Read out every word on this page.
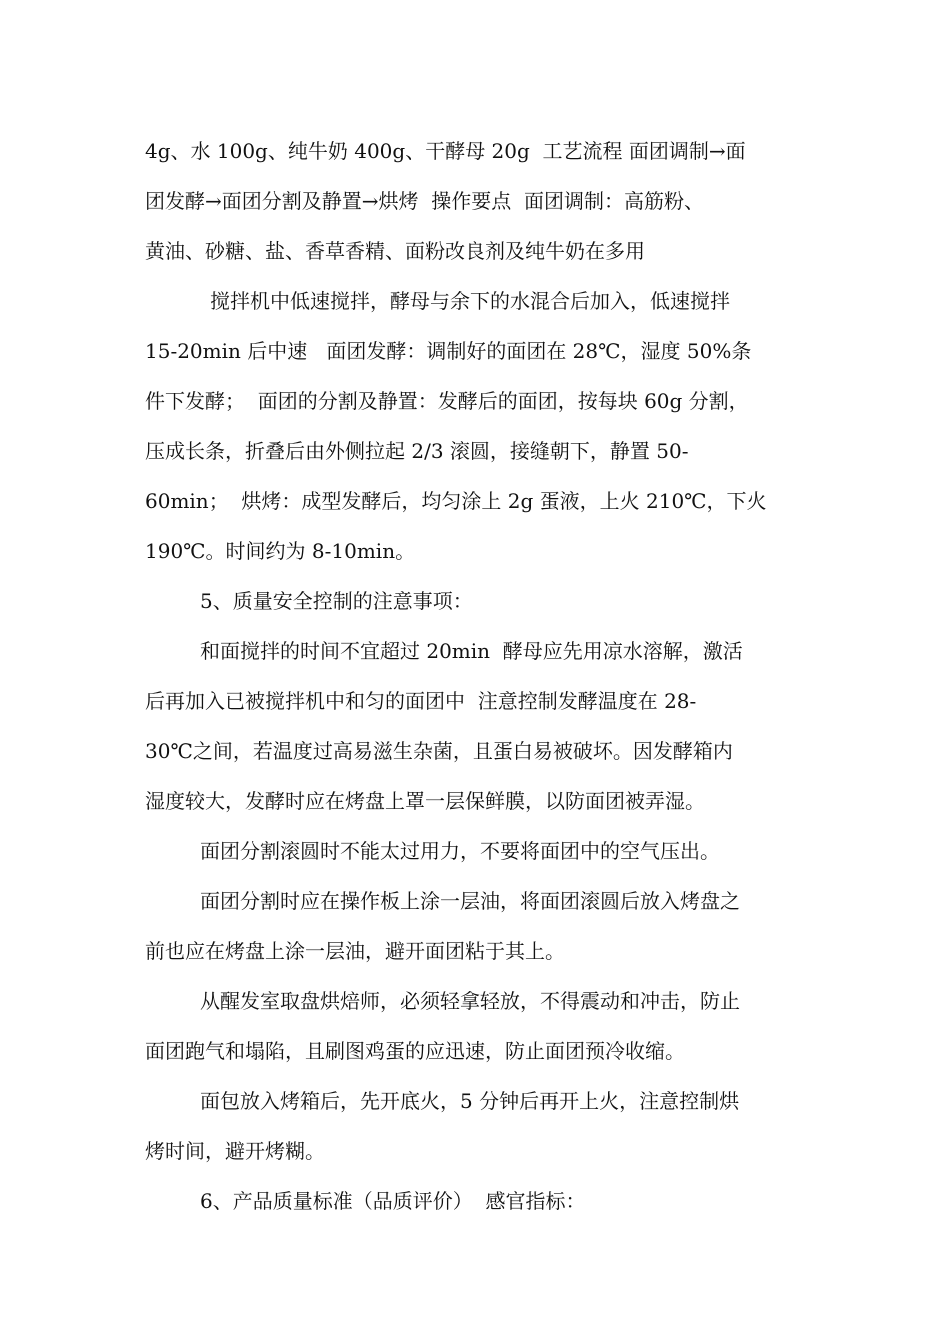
4g、水 100g、纯牛奶 400g、干酵母 20g  工艺流程 面团调制→面

团发酵→面团分割及静置→烘烤  操作要点  面团调制：高筋粉、

黄油、砂糖、盐、香草香精、面粉改良剂及纯牛奶在多用

搅拌机中低速搅拌，酵母与余下的水混合后加入，低速搅拌

15-20min 后中速   面团发酵：调制好的面团在 28℃，湿度 50%条

件下发酵；  面团的分割及静置：发酵后的面团，按每块 60g 分割，

压成长条，折叠后由外侧拉起 2/3 滚圆，接缝朝下，静置 50-

60min；  烘烤：成型发酵后，均匀涂上 2g 蛋液，上火 210℃，下火

190℃。时间约为 8-10min。

5、质量安全控制的注意事项：

和面搅拌的时间不宜超过 20min  酵母应先用凉水溶解，激活

后再加入已被搅拌机中和匀的面团中  注意控制发酵温度在 28-

30℃之间，若温度过高易滋生杂菌，且蛋白易被破坏。因发酵箱内

湿度较大，发酵时应在烤盘上罩一层保鲜膜，以防面团被弄湿。

面团分割滚圆时不能太过用力，不要将面团中的空气压出。

面团分割时应在操作板上涂一层油，将面团滚圆后放入烤盘之

前也应在烤盘上涂一层油，避开面团粘于其上。

从醒发室取盘烘焙师，必须轻拿轻放，不得震动和冲击，防止

面团跑气和塌陷，且刷图鸡蛋的应迅速，防止面团预冷收缩。

面包放入烤箱后，先开底火，5 分钟后再开上火，注意控制烘

烤时间，避开烤糊。

6、产品质量标准（品质评价）  感官指标：
